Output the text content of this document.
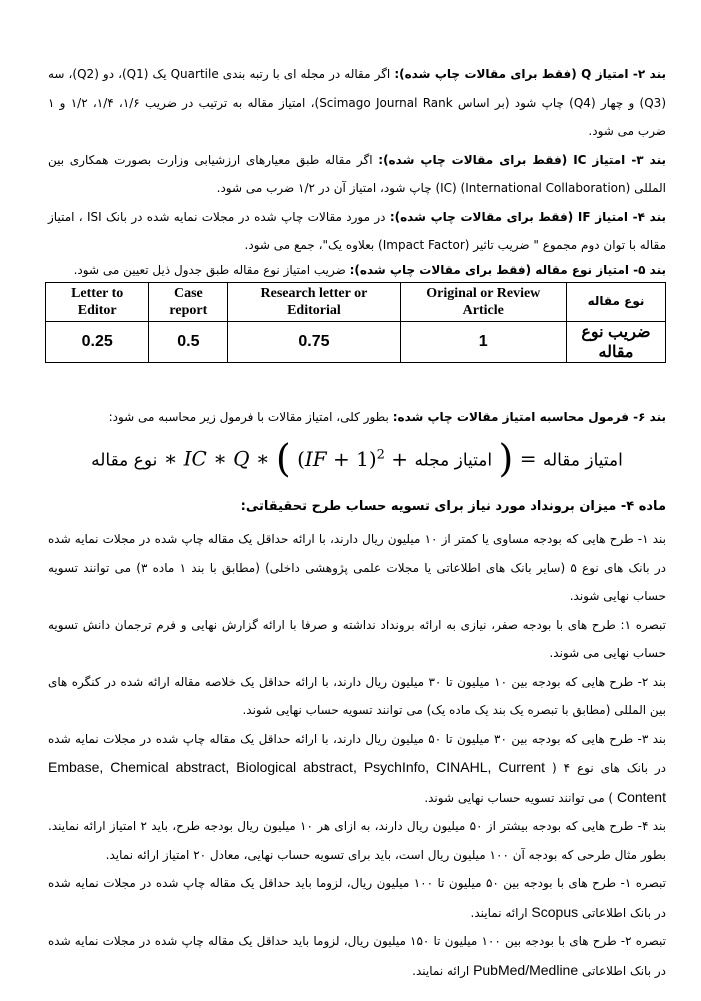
بند ۲- امتیاز Q (فقط برای مقالات چاپ شده): اگر مقاله در مجله ای با رتبه بندی Quartile یک (Q1)، دو (Q2)، سه (Q3) و چهار (Q4) چاپ شود (بر اساس Scimago Journal Rank)، امتیاز مقاله به ترتیب در ضریب ۱/۶، ۱/۴، ۱/۲ و ۱ ضرب می شود.

بند ۳- امتیاز IC (فقط برای مقالات چاپ شده): اگر مقاله طبق معیارهای ارزشیابی وزارت بصورت همکاری بین المللی (International Collaboration) (IC) چاپ شود، امتیاز آن در ۱/۲ ضرب می شود.

بند ۴- امتیاز IF (فقط برای مقالات چاپ شده): در مورد مقالات چاپ شده در مجلات نمایه شده در بانک ISI ، امتیاز مقاله با توان دوم مجموع " ضریب تاثیر (Impact Factor) بعلاوه یک"، جمع می شود.

بند ۵- امتیاز نوع مقاله (فقط برای مقالات چاپ شده): ضریب امتیاز نوع مقاله طبق جدول ذیل تعیین می شود.

نوع مقاله	Original or Review Article	Research letter or Editorial	Case report	Letter to Editor
ضریب نوع مقاله	1	0.75	0.5	0.25

بند ۶- فرمول محاسبه امتیاز مقالات چاپ شده: بطور کلی، امتیاز مقالات با فرمول زیر محاسبه می شود:

نوع مقاله ∗ IC ∗ Q ∗ ( (IF + 1)$^2$ + امتیاز مجله ) = امتیاز مقاله
ماده ۴- میزان برونداد مورد نیاز برای تسویه حساب طرح تحقیقاتی:

بند ۱- طرح هایی که بودجه مساوی یا کمتر از ۱۰ میلیون ریال دارند، با ارائه حداقل یک مقاله چاپ شده در مجلات نمایه شده در بانک های نوع ۵ (سایر بانک های اطلاعاتی یا مجلات علمی پژوهشی داخلی) (مطابق با بند ۱ ماده ۳) می توانند تسویه حساب نهایی شوند.

تبصره ۱: طرح های با بودجه صفر، نیازی به ارائه برونداد نداشته و صرفا با ارائه گزارش نهایی و فرم ترجمان دانش تسویه حساب نهایی می شوند.

بند ۲- طرح هایی که بودجه بین ۱۰ میلیون تا ۳۰ میلیون ریال دارند، با ارائه حداقل یک خلاصه مقاله ارائه شده در کنگره های بین المللی (مطابق با تبصره یک بند یک ماده یک) می توانند تسویه حساب نهایی شوند.

بند ۳- طرح هایی که بودجه بین ۳۰ میلیون تا ۵۰ میلیون ریال دارند، با ارائه حداقل یک مقاله چاپ شده در مجلات نمایه شده در بانک های نوع ۴ ( Embase, Chemical abstract, Biological abstract, PsychInfo, CINAHL, Current Content ) می توانند تسویه حساب نهایی شوند.

بند ۴- طرح هایی که بودجه بیشتر از ۵۰ میلیون ریال دارند، به ازای هر ۱۰ میلیون ریال بودجه طرح، باید ۲ امتیاز ارائه نمایند. بطور مثال طرحی که بودجه آن ۱۰۰ میلیون ریال است، باید برای تسویه حساب نهایی، معادل ۲۰ امتیاز ارائه نماید.

تبصره ۱- طرح های با بودجه بین ۵۰ میلیون تا ۱۰۰ میلیون ریال، لزوما باید حداقل یک مقاله چاپ شده در مجلات نمایه شده در بانک اطلاعاتی Scopus ارائه نمایند.

تبصره ۲- طرح های با بودجه بین ۱۰۰ میلیون تا ۱۵۰ میلیون ریال، لزوما باید حداقل یک مقاله چاپ شده در مجلات نمایه شده در بانک اطلاعاتی PubMed/Medline ارائه نمایند.
